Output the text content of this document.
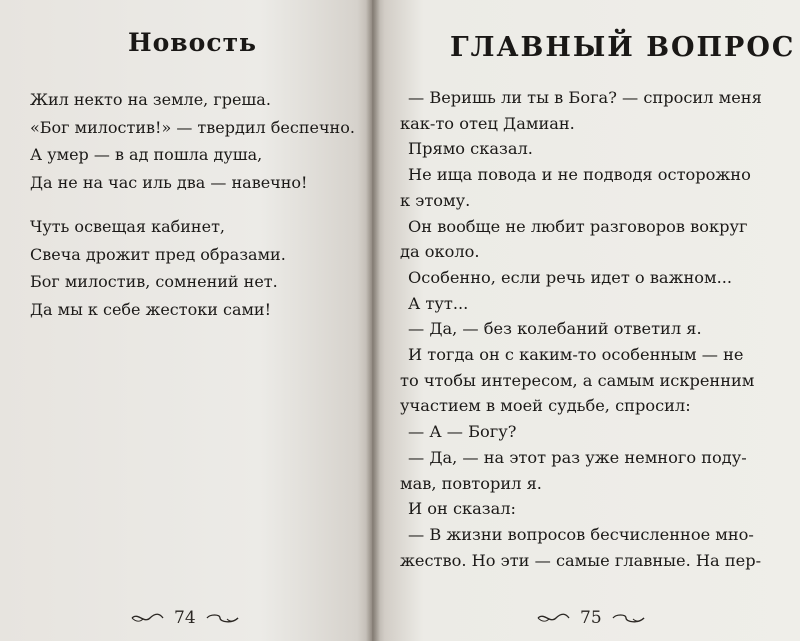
Новость
Жил некто на земле, греша.
«Бог милостив!» — твердил беспечно.
А умер — в ад пошла душа,
Да не на час иль два — навечно!
Чуть освещая кабинет,
Свеча дрожит пред образами.
Бог милостив, сомнений нет.
Да мы к себе жестоки сами!
74
ГЛАВНЫЙ ВОПРОС
— Веришь ли ты в Бога? — спросил меня
как-то отец Дамиан.
Прямо сказал.
Не ища повода и не подводя осторожно
к этому.
Он вообще не любит разговоров вокруг
да около.
Особенно, если речь идет о важном...
А тут...
— Да, — без колебаний ответил я.
И тогда он с каким-то особенным — не
то чтобы интересом, а самым искренним
участием в моей судьбе, спросил:
— А — Богу?
— Да, — на этот раз уже немного поду-
мав, повторил я.
И он сказал:
— В жизни вопросов бесчисленное мно-
жество. Но эти — самые главные. На пер-
75
